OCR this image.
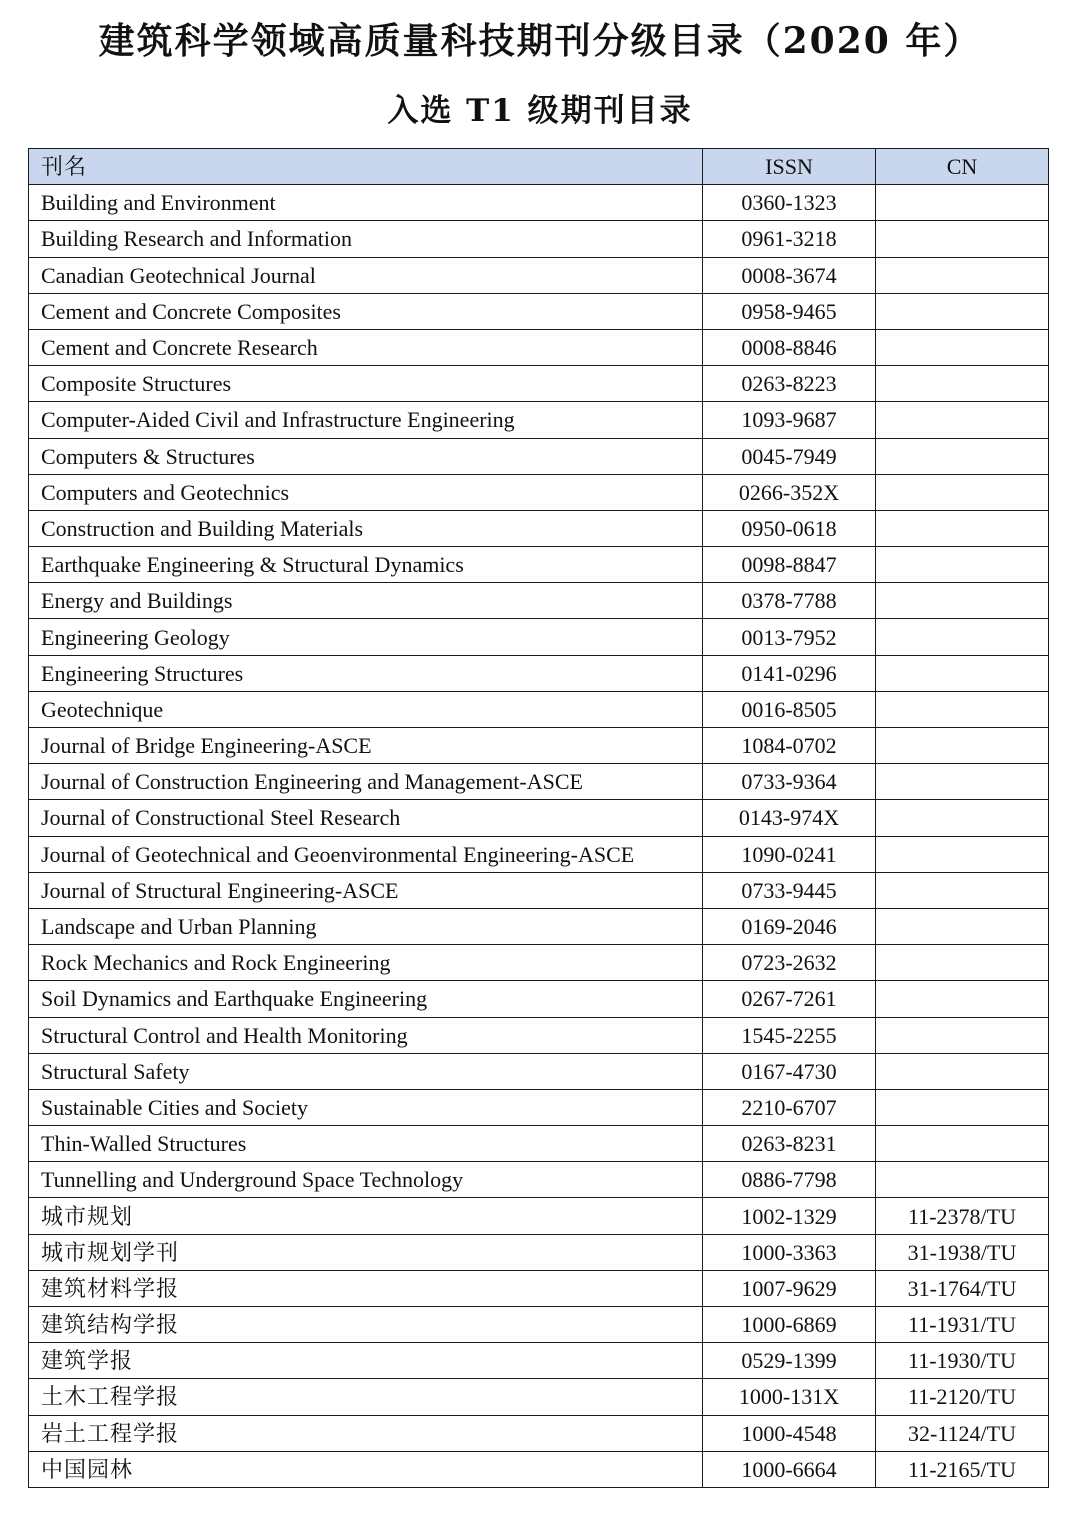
建筑科学领域高质量科技期刊分级目录（2020 年）
入选 T1 级期刊目录
刊名	ISSN	CN
Building and Environment	0360-1323	
Building Research and Information	0961-3218	
Canadian Geotechnical Journal	0008-3674	
Cement and Concrete Composites	0958-9465	
Cement and Concrete Research	0008-8846	
Composite Structures	0263-8223	
Computer-Aided Civil and Infrastructure Engineering	1093-9687	
Computers & Structures	0045-7949	
Computers and Geotechnics	0266-352X	
Construction and Building Materials	0950-0618	
Earthquake Engineering & Structural Dynamics	0098-8847	
Energy and Buildings	0378-7788	
Engineering Geology	0013-7952	
Engineering Structures	0141-0296	
Geotechnique	0016-8505	
Journal of Bridge Engineering-ASCE	1084-0702	
Journal of Construction Engineering and Management-ASCE	0733-9364	
Journal of Constructional Steel Research	0143-974X	
Journal of Geotechnical and Geoenvironmental Engineering-ASCE	1090-0241	
Journal of Structural Engineering-ASCE	0733-9445	
Landscape and Urban Planning	0169-2046	
Rock Mechanics and Rock Engineering	0723-2632	
Soil Dynamics and Earthquake Engineering	0267-7261	
Structural Control and Health Monitoring	1545-2255	
Structural Safety	0167-4730	
Sustainable Cities and Society	2210-6707	
Thin-Walled Structures	0263-8231	
Tunnelling and Underground Space Technology	0886-7798	
城市规划	1002-1329	11-2378/TU
城市规划学刊	1000-3363	31-1938/TU
建筑材料学报	1007-9629	31-1764/TU
建筑结构学报	1000-6869	11-1931/TU
建筑学报	0529-1399	11-1930/TU
土木工程学报	1000-131X	11-2120/TU
岩土工程学报	1000-4548	32-1124/TU
中国园林	1000-6664	11-2165/TU
